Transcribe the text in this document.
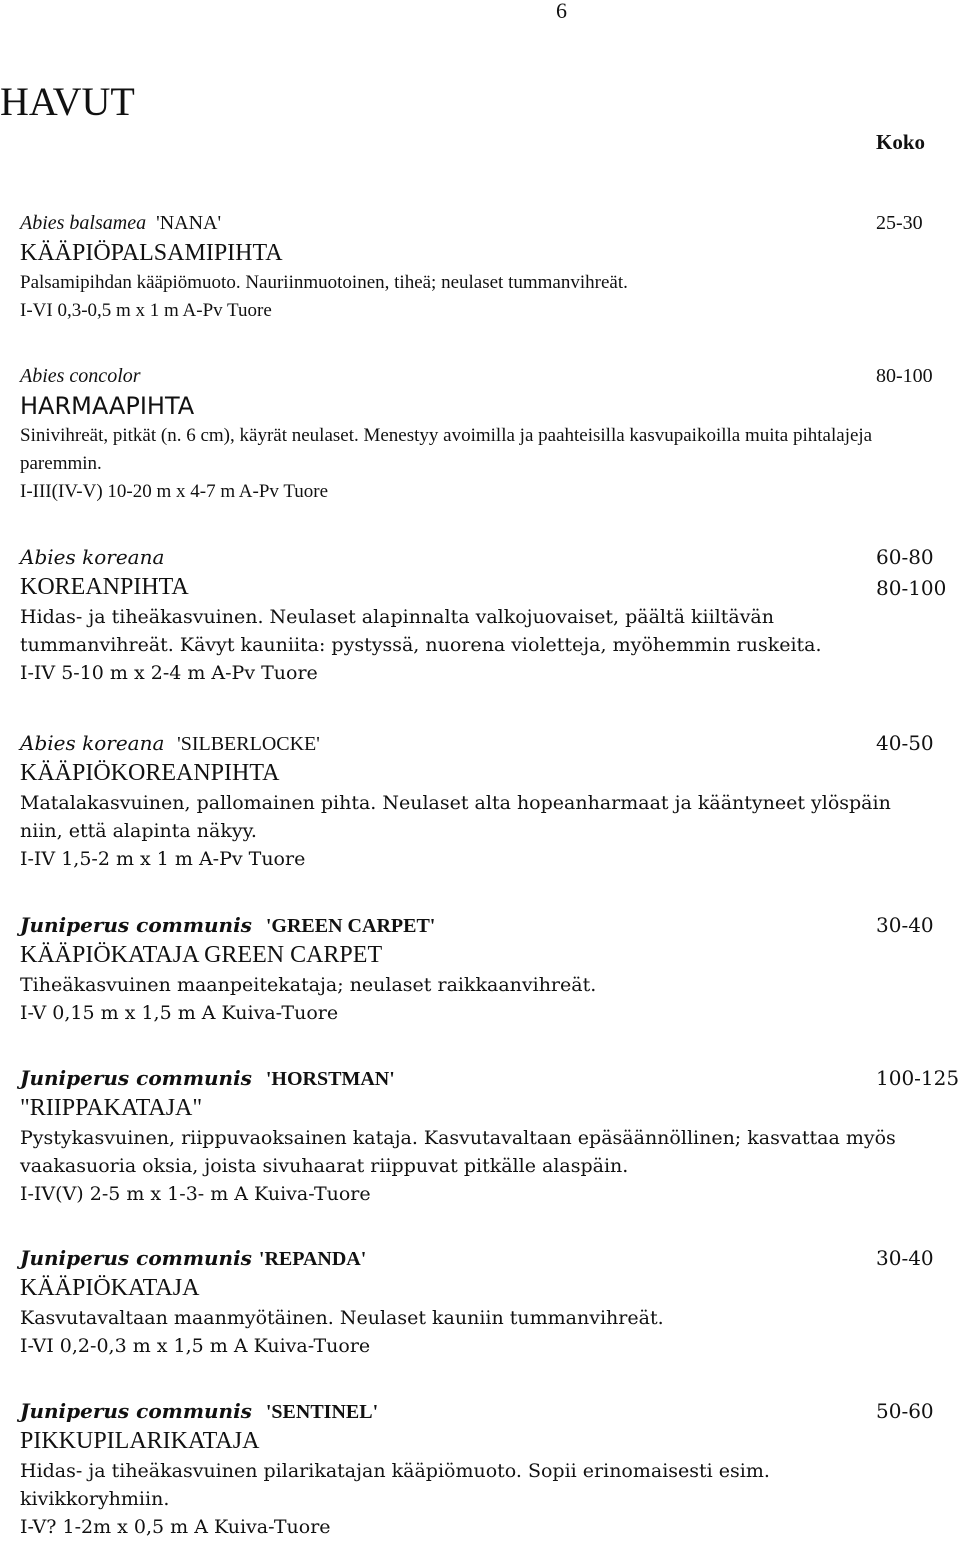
6
HAVUT
Koko
Abies balsamea 'NANA'
KÄÄPIÖPALSAMIPIHTA
Palsamipihdan kääpiömuoto. Nauriinmuotoinen, tiheä; neulaset tummanvihreät.
I-VI 0,3-0,5 m x 1 m A-Pv Tuore
25-30
Abies concolor
HARMAAPIHTA
Sinivihreät, pitkät (n. 6 cm), käyrät neulaset. Menestyy avoimilla ja paahteisilla kasvupaikoilla muita pihtalajeja paremmin.
I-III(IV-V) 10-20 m x 4-7 m A-Pv Tuore
80-100
Abies koreana
KOREANPIHTA
Hidas- ja tiheäkasvuinen. Neulaset alapinnalta valkojuovaiset, päältä kiiltävän tummanvihreät. Kävyt kauniita: pystyssä, nuorena violetteja, myöhemmin ruskeita.
I-IV 5-10 m x 2-4 m A-Pv Tuore
60-80
80-100
Abies koreana 'SILBERLOCKE'
KÄÄPIÖKOREANPIHTA
Matalakasvuinen, pallomainen pihta. Neulaset alta hopeanharmaat ja kääntyneet ylöspäin niin, että alapinta näkyy.
I-IV 1,5-2 m x 1 m A-Pv Tuore
40-50
Juniperus communis 'GREEN CARPET'
KÄÄPIÖKATAJA GREEN CARPET
Tiheäkasvuinen maanpeitekataja; neulaset raikkaanvihreät.
I-V 0,15 m x 1,5 m A Kuiva-Tuore
30-40
Juniperus communis 'HORSTMAN'
"RIIPPAKATAJA"
Pystykasvuinen, riippuvaoksainen kataja. Kasvutavaltaan epäsäännöllinen; kasvattaa myös vaakasuoria oksia, joista sivuhaarat riippuvat pitkälle alaspäin.
I-IV(V) 2-5 m x 1-3- m A Kuiva-Tuore
100-125
Juniperus communis 'REPANDA'
KÄÄPIÖKATAJA
Kasvutavaltaan maanmyötäinen. Neulaset kauniin tummanvihreät.
I-VI 0,2-0,3 m x 1,5 m A Kuiva-Tuore
30-40
Juniperus communis 'SENTINEL'
PIKKUPILARIKATAJA
Hidas- ja tiheäkasvuinen pilarikatajan kääpiömuoto. Sopii erinomaisesti esim. kivikkoryhmiin.
I-V? 1-2m x 0,5 m A Kuiva-Tuore
50-60
